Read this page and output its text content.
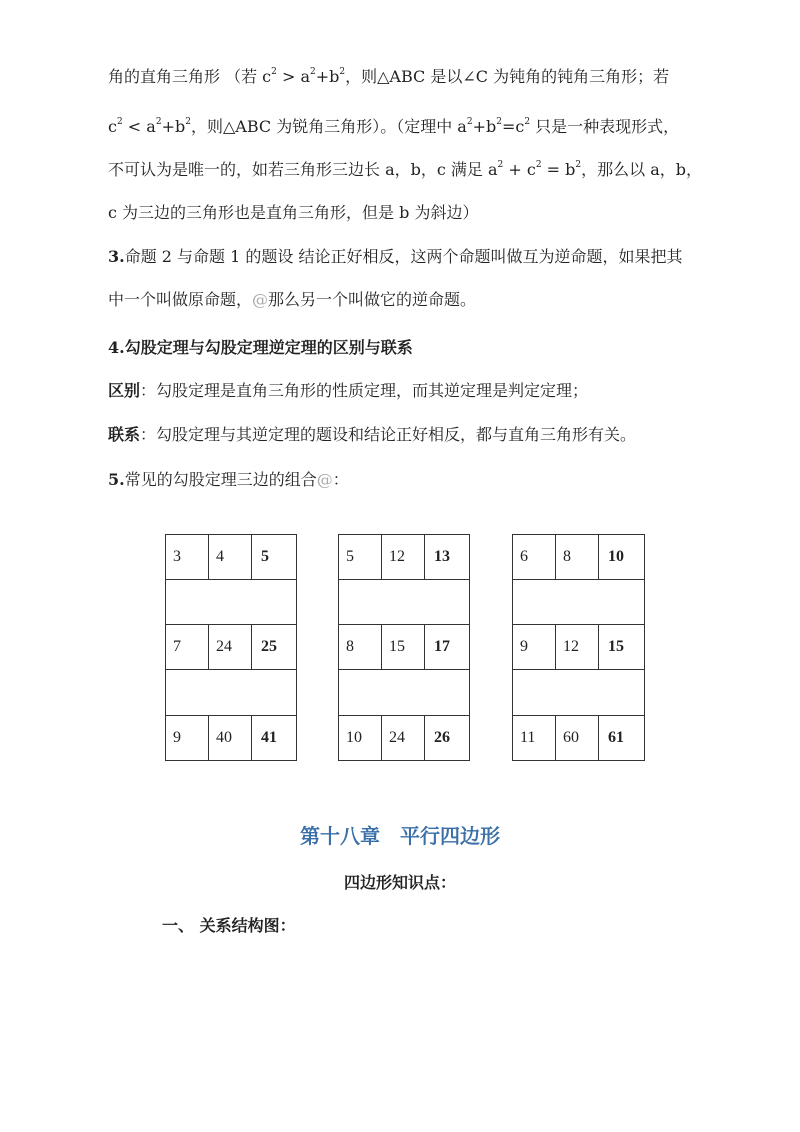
角的直角三角形 （若 $c^2 > a^2+b^2$，则△ABC 是以∠C 为钝角的钝角三角形；若
$c^2 < a^2+b^2$，则△ABC 为锐角三角形）。（定理中 $a^2+b^2=c^2$ 只是一种表现形式，
不可认为是唯一的，如若三角形三边长 a，b，c 满足 $a^2 + c^2 = b^2$，那么以 a，b，
c 为三边的三角形也是直角三角形，但是 b 为斜边）
3.命题 2 与命题 1 的题设 结论正好相反，这两个命题叫做互为逆命题，如果把其
中一个叫做原命题，@那么另一个叫做它的逆命题。
4.勾股定理与勾股定理逆定理的区别与联系
区别：勾股定理是直角三角形的性质定理，而其逆定理是判定定理；
联系：勾股定理与其逆定理的题设和结论正好相反，都与直角三角形有关。
5.常见的勾股定理三边的组合@：
3 4 5	5 12 13	6 8 10
7 24 25	8 15 17	9 12 15
9 40 41	10 24 26	11 60 61
第十八章　平行四边形
四边形知识点：
一、 关系结构图：
